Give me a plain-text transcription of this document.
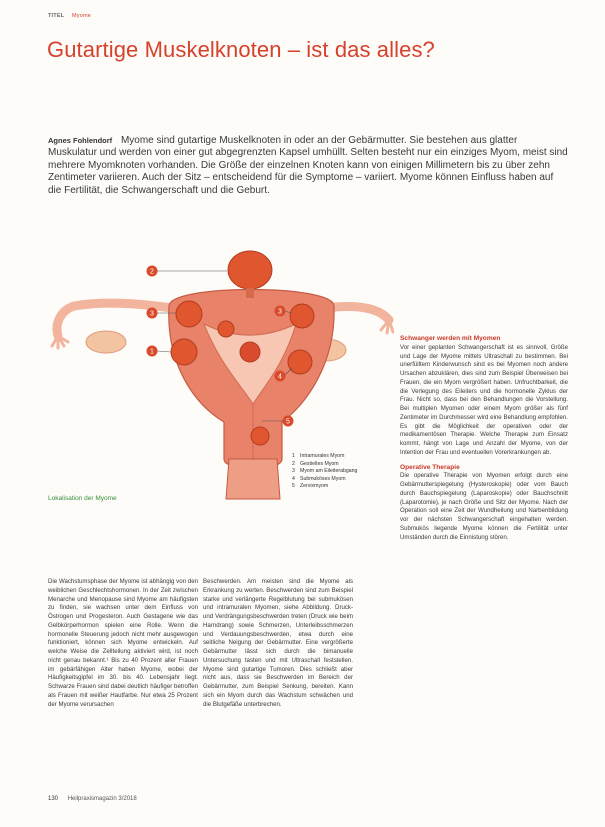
TITEL Myome
Gutartige Muskelknoten – ist das alles?
Agnes Fohlendorf Myome sind gutartige Muskelknoten in oder an der Gebärmutter. Sie bestehen aus glatter Muskulatur und werden von einer gut abgegrenzten Kapsel umhüllt. Selten besteht nur ein einziges Myom, meist sind mehrere Myomknoten vorhanden. Die Größe der einzelnen Knoten kann von einigen Millimetern bis zu über zehn Zentimeter variieren. Auch der Sitz – entscheidend für die Symptome – variiert. Myome können Einfluss haben auf die Fertilität, die Schwangerschaft und die Geburt.
2
3	3
1
4
5
1 Intramurales Myom
2 Gestieltes Myom
3 Myom am Eileiterabgang
4 Submuköses Myom
5 Zervixmyom
Lokalisation der Myome

Die Wachstumsphase der Myome ist abhängig von den weiblichen Geschlechtshormonen. In der Zeit zwischen Menarche und Menopause sind Myome am häufigsten zu finden, sie wachsen unter dem Einfluss von Östrogen und Progesteron. Auch Gestagene wie das Gelbkörperhormon spielen eine Rolle. Wenn die hormonelle Steuerung jedoch nicht mehr ausgewogen funktioniert, können sich Myome entwickeln. Auf welche Weise die Zellteilung aktiviert wird, ist noch nicht genau bekannt.¹ Bis zu 40 Prozent aller Frauen im gebärfähigen Alter haben Myome, wobei der Häufigkeitsgipfel im 30. bis 40. Lebensjahr liegt. Schwarze Frauen sind dabei deutlich häufiger betroffen als Frauen mit weißer Hautfarbe. Nur etwa 25 Prozent der Myome verursachen

Beschwerden. Am meisten sind die Myome als Erkrankung zu werten. Beschwerden sind zum Beispiel starke und verlängerte Regelblutung bei submukösen und intramuralen Myomen, siehe Abbildung. Druck- und Verdrängungsbeschwerden treten (Druck wie beim Harndrang) sowie Schmerzen, Unterleibsschmerzen und Verdauungsbeschwerden, etwa durch eine seitliche Neigung der Gebärmutter. Eine vergrößerte Gebärmutter lässt sich durch die bimanuelle Untersuchung tasten und mit Ultraschall feststellen. Myome sind gutartige Tumoren. Dies schließt aber nicht aus, dass sie Beschwerden im Bereich der Gebärmutter, zum Beispiel Senkung, bereiten. Kann sich ein Myom durch das Wachstum schwächen und die Blutgefäße unterbrechen.

Schwanger werden mit Myomen

Vor einer geplanten Schwangerschaft ist es sinnvoll, Größe und Lage der Myome mittels Ultraschall zu bestimmen. Bei unerfülltem Kinderwunsch sind es bei Myomen noch andere Ursachen abzuklären, dies sind zum Beispiel Überweisen bei Frauen, die ein Myom vergrößert haben. Unfruchtbarkeit, die die Verlegung des Eileiters und die hormonelle Zyklus der Frau. Nicht so, dass bei den Behandlungen die Vorstellung. Bei multiplen Myomen oder einem Myom größer als fünf Zentimeter im Durchmesser wird eine Behandlung empfohlen. Es gibt die Möglichkeit der operativen oder der medikamentösen Therapie. Welche Therapie zum Einsatz kommt, hängt von Lage und Anzahl der Myome, von der Intention der Frau und eventuellen Vorerkrankungen ab.

Operative Therapie

Die operative Therapie von Myomen erfolgt durch eine Gebärmutterspiegelung (Hysteroskopie) oder vom Bauch durch Bauchspiegelung (Laparoskopie) oder Bauchschnitt (Laparotomie), je nach Größe und Sitz der Myome. Nach der Operation soll eine Zeit der Wundheilung und Narbenbildung vor der nächsten Schwangerschaft eingehalten werden. Submukös liegende Myome können die Fertilität unter Umständen durch die Einnistung stören.

130 Heilpraxismagazin 3/2018
